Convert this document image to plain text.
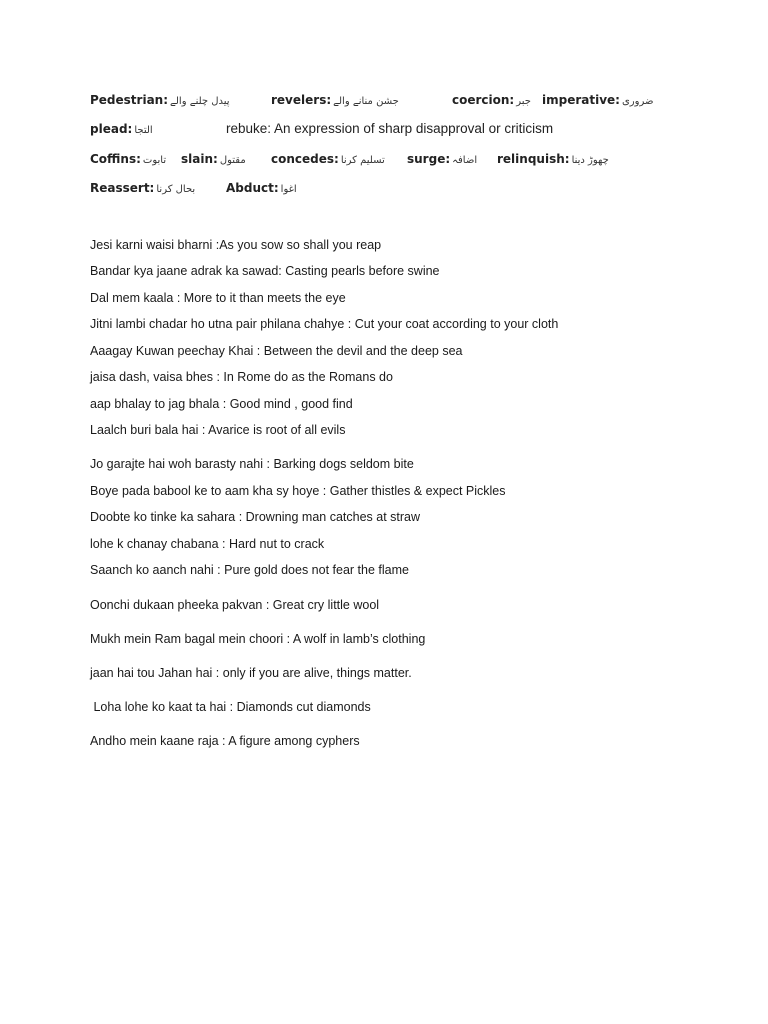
Pedestrian: پیدل چلنے والے	revelers: جشن منانے والے	coercion: جبر imperative: ضروری
plead: التجا	rebuke: An expression of sharp disapproval or criticism
Coffins: تابوت slain: مقتول concedes: تسلیم کرنا surge: اضافہ relinquish: چھوڑ دینا
Reassert: بحال کرنا	Abduct: اغوا
Jesi karni waisi bharni :As you sow so shall you reap
Bandar kya jaane adrak ka sawad: Casting pearls before swine
Dal mem kaala : More to it than meets the eye
Jitni lambi chadar ho utna pair philana chahye : Cut your coat according to your cloth
Aaagay Kuwan peechay Khai : Between the devil and the deep sea
jaisa dash, vaisa bhes : In Rome do as the Romans do
aap bhalay to jag bhala : Good mind , good find
Laalch buri bala hai : Avarice is root of all evils
Jo garajte hai woh barasty nahi : Barking dogs seldom bite
Boye pada babool ke to aam kha sy hoye : Gather thistles & expect Pickles
Doobte ko tinke ka sahara : Drowning man catches at straw
lohe k chanay chabana : Hard nut to crack
Saanch ko aanch nahi : Pure gold does not fear the flame
Oonchi dukaan pheeka pakvan : Great cry little wool
Mukh mein Ram bagal mein choori : A wolf in lamb’s clothing
jaan hai tou Jahan hai : only if you are alive, things matter.
Loha lohe ko kaat ta hai : Diamonds cut diamonds
Andho mein kaane raja : A figure among cyphers
